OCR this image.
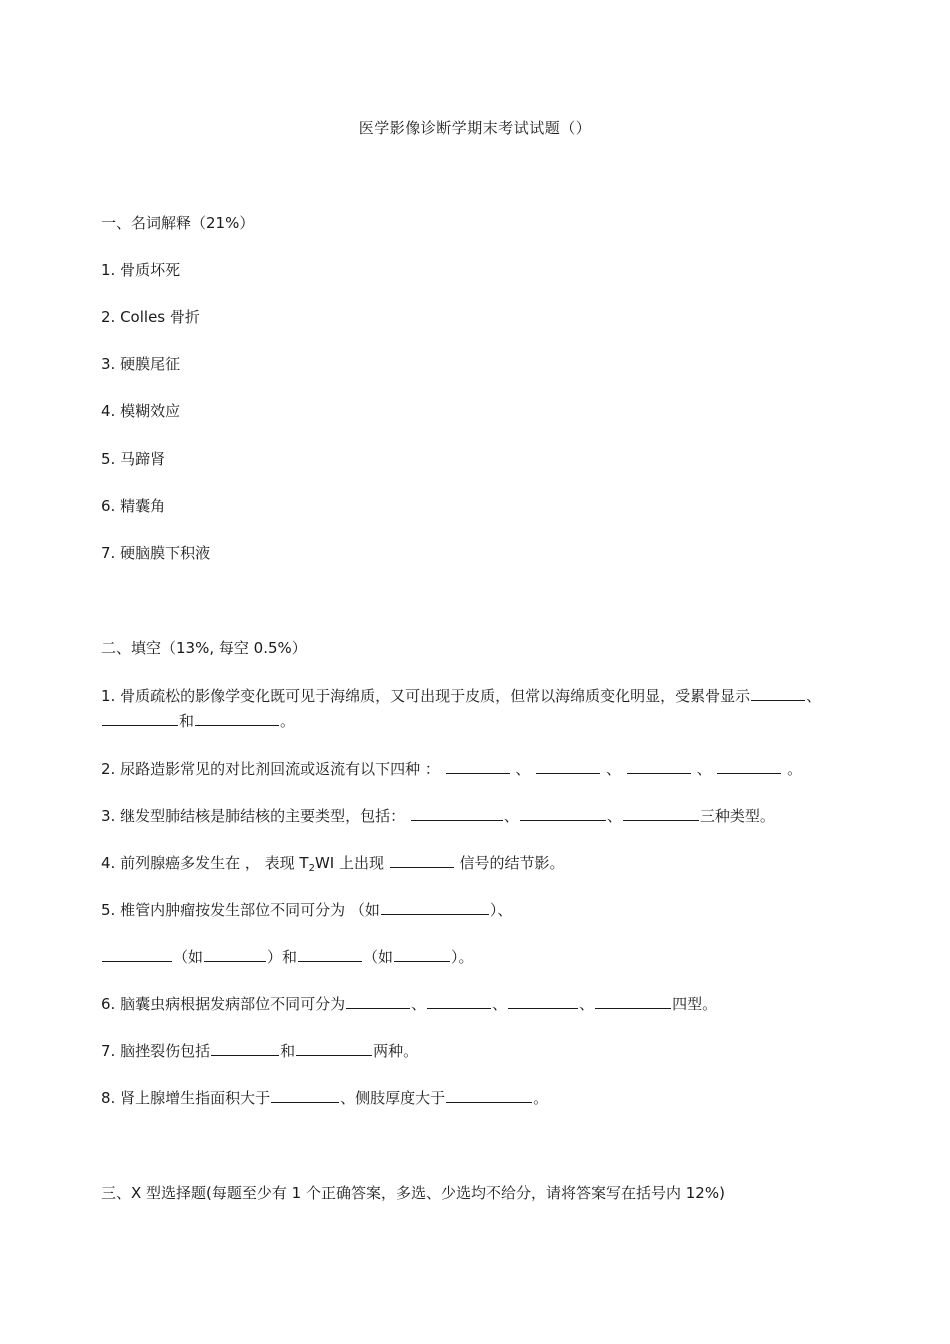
医学影像诊断学期末考试试题（）
一、名词解释（21%）
1. 骨质坏死
2. Colles 骨折
3. 硬膜尾征
4. 模糊效应
5. 马蹄肾
6. 精囊角
7. 硬脑膜下积液
二、填空（13%, 每空 0.5%）
1. 骨质疏松的影像学变化既可见于海绵质，又可出现于皮质，但常以海绵质变化明显，受累骨显示	、
和	。
2. 尿路造影常见的对比剂回流或返流有以下四种 ：	、	、	、	。
3. 继发型肺结核是肺结核的主要类型，包括：	、	、	三种类型。
4. 前列腺癌多发生在 ， 表现 $T_2WI$ 上出现	信号的结节影。
5. 椎管内肿瘤按发生部位不同可分为 （如	）、
（如	）和	（如	）。
6. 脑囊虫病根据发病部位不同可分为	、	、	、	四型。
7. 脑挫裂伤包括	和	两种。
8. 肾上腺增生指面积大于	、侧肢厚度大于	。
三、X 型选择题(每题至少有 1 个正确答案，多选、少选均不给分，请将答案写在括号内 12%)
